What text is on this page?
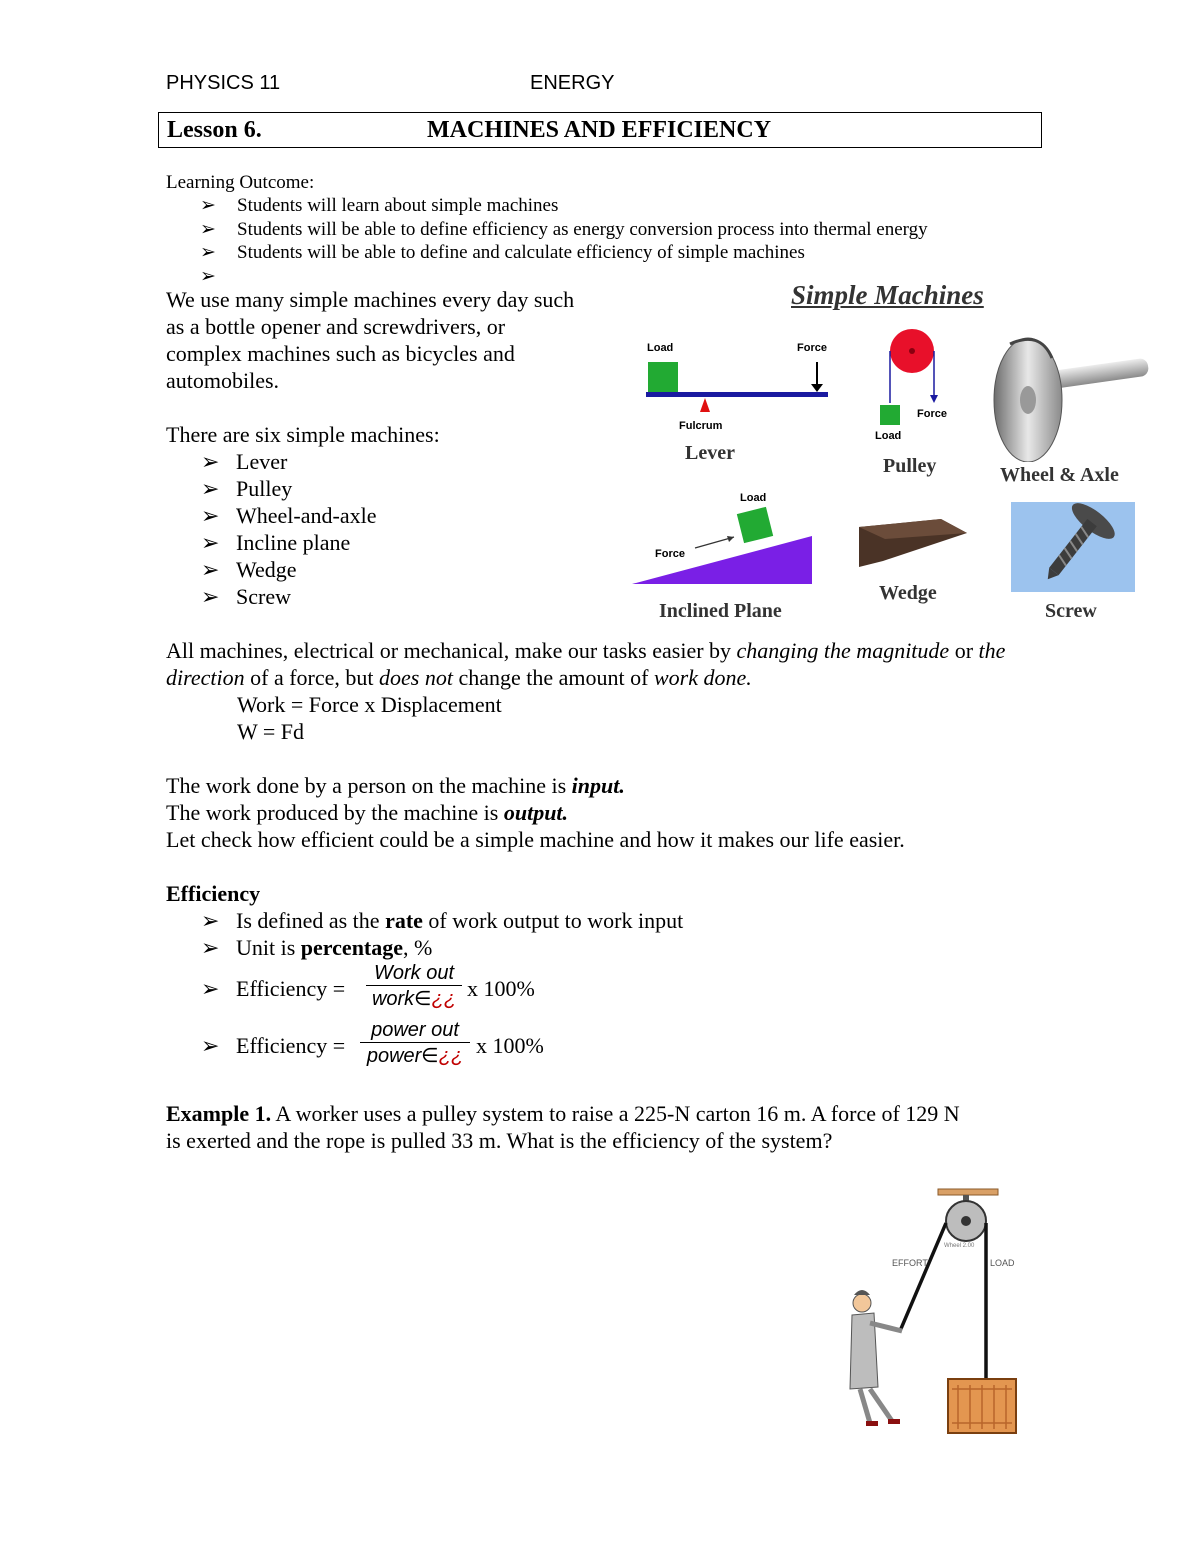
PHYSICS 11	ENERGY
Lesson 6.	MACHINES AND EFFICIENCY
Learning Outcome:
➢ Students will learn about simple machines
➢ Students will be able to define efficiency as energy conversion process into thermal energy
➢ Students will be able to define and calculate efficiency of simple machines
➢
We use many simple machines every day such
as a bottle opener and screwdrivers, or
complex machines such as bicycles and
automobiles.
There are six simple machines:
➢ Lever
➢ Pulley
➢ Wheel-and-axle
➢ Incline plane
➢ Wedge
➢ Screw
Simple Machines
Load	Force
Fulcrum
Lever
Force
Load
Pulley	Wheel & Axle
Load
Force
Inclined Plane
Wedge
Screw
All machines, electrical or mechanical, make our tasks easier by changing the magnitude or the direction of a force, but does not change the amount of work done.
Work = Force x Displacement
W = Fd
The work done by a person on the machine is input.
The work produced by the machine is output.
Let check how efficient could be a simple machine and how it makes our life easier.
Efficiency
➢ Is defined as the rate of work output to work input
➢ Unit is percentage, %
➢ Efficiency =
Work out
work∈¿¿ x 100%
➢ Efficiency =
power out
power∈¿¿ x 100%
Example 1. A worker uses a pulley system to raise a 225-N carton 16 m. A force of 129 N
is exerted and the rope is pulled 33 m. What is the efficiency of the system?
EFFORT	LOAD
Wheel 2.00
